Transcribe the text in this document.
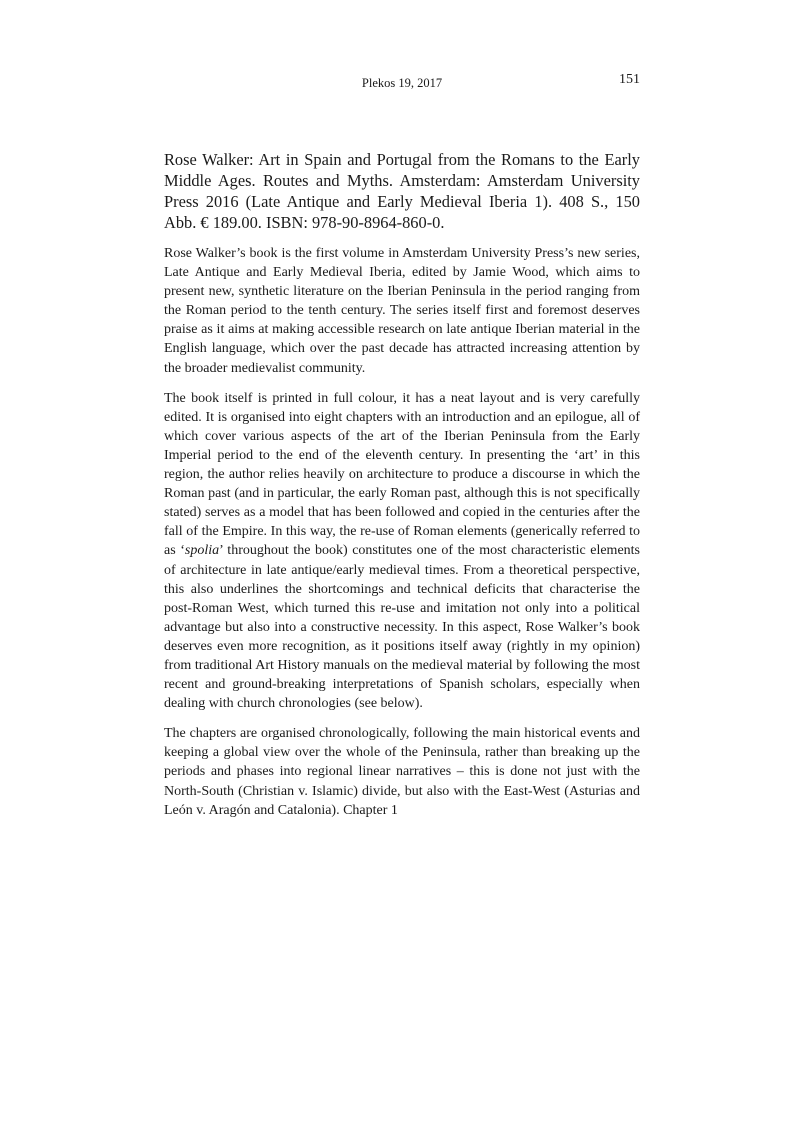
Plekos 19, 2017	151
Rose Walker: Art in Spain and Portugal from the Romans to the Early Middle Ages. Routes and Myths. Amsterdam: Amsterdam University Press 2016 (Late Antique and Early Medieval Iberia 1). 408 S., 150 Abb. € 189.00. ISBN: 978-90-8964-860-0.

Rose Walker’s book is the first volume in Amsterdam University Press’s new series, Late Antique and Early Medieval Iberia, edited by Jamie Wood, which aims to present new, synthetic literature on the Iberian Peninsula in the period ranging from the Roman period to the tenth century. The series itself first and foremost deserves praise as it aims at making accessible research on late antique Iberian material in the English language, which over the past decade has attracted increasing attention by the broader medievalist community.

The book itself is printed in full colour, it has a neat layout and is very carefully edited. It is organised into eight chapters with an introduction and an epilogue, all of which cover various aspects of the art of the Iberian Peninsula from the Early Imperial period to the end of the eleventh century. In presenting the ‘art’ in this region, the author relies heavily on architecture to produce a discourse in which the Roman past (and in particular, the early Roman past, although this is not specifically stated) serves as a model that has been followed and copied in the centuries after the fall of the Empire. In this way, the re-use of Roman elements (generically referred to as ‘spolia’ throughout the book) constitutes one of the most characteristic elements of architecture in late antique/early medieval times. From a theoretical perspective, this also underlines the shortcomings and technical deficits that characterise the post-Roman West, which turned this re-use and imitation not only into a political advantage but also into a constructive necessity. In this aspect, Rose Walker’s book deserves even more recognition, as it positions itself away (rightly in my opinion) from traditional Art History manuals on the medieval material by following the most recent and ground-breaking interpretations of Spanish scholars, especially when dealing with church chronologies (see below).

The chapters are organised chronologically, following the main historical events and keeping a global view over the whole of the Peninsula, rather than breaking up the periods and phases into regional linear narratives – this is done not just with the North-South (Christian v. Islamic) divide, but also with the East-West (Asturias and León v. Aragón and Catalonia). Chapter 1
